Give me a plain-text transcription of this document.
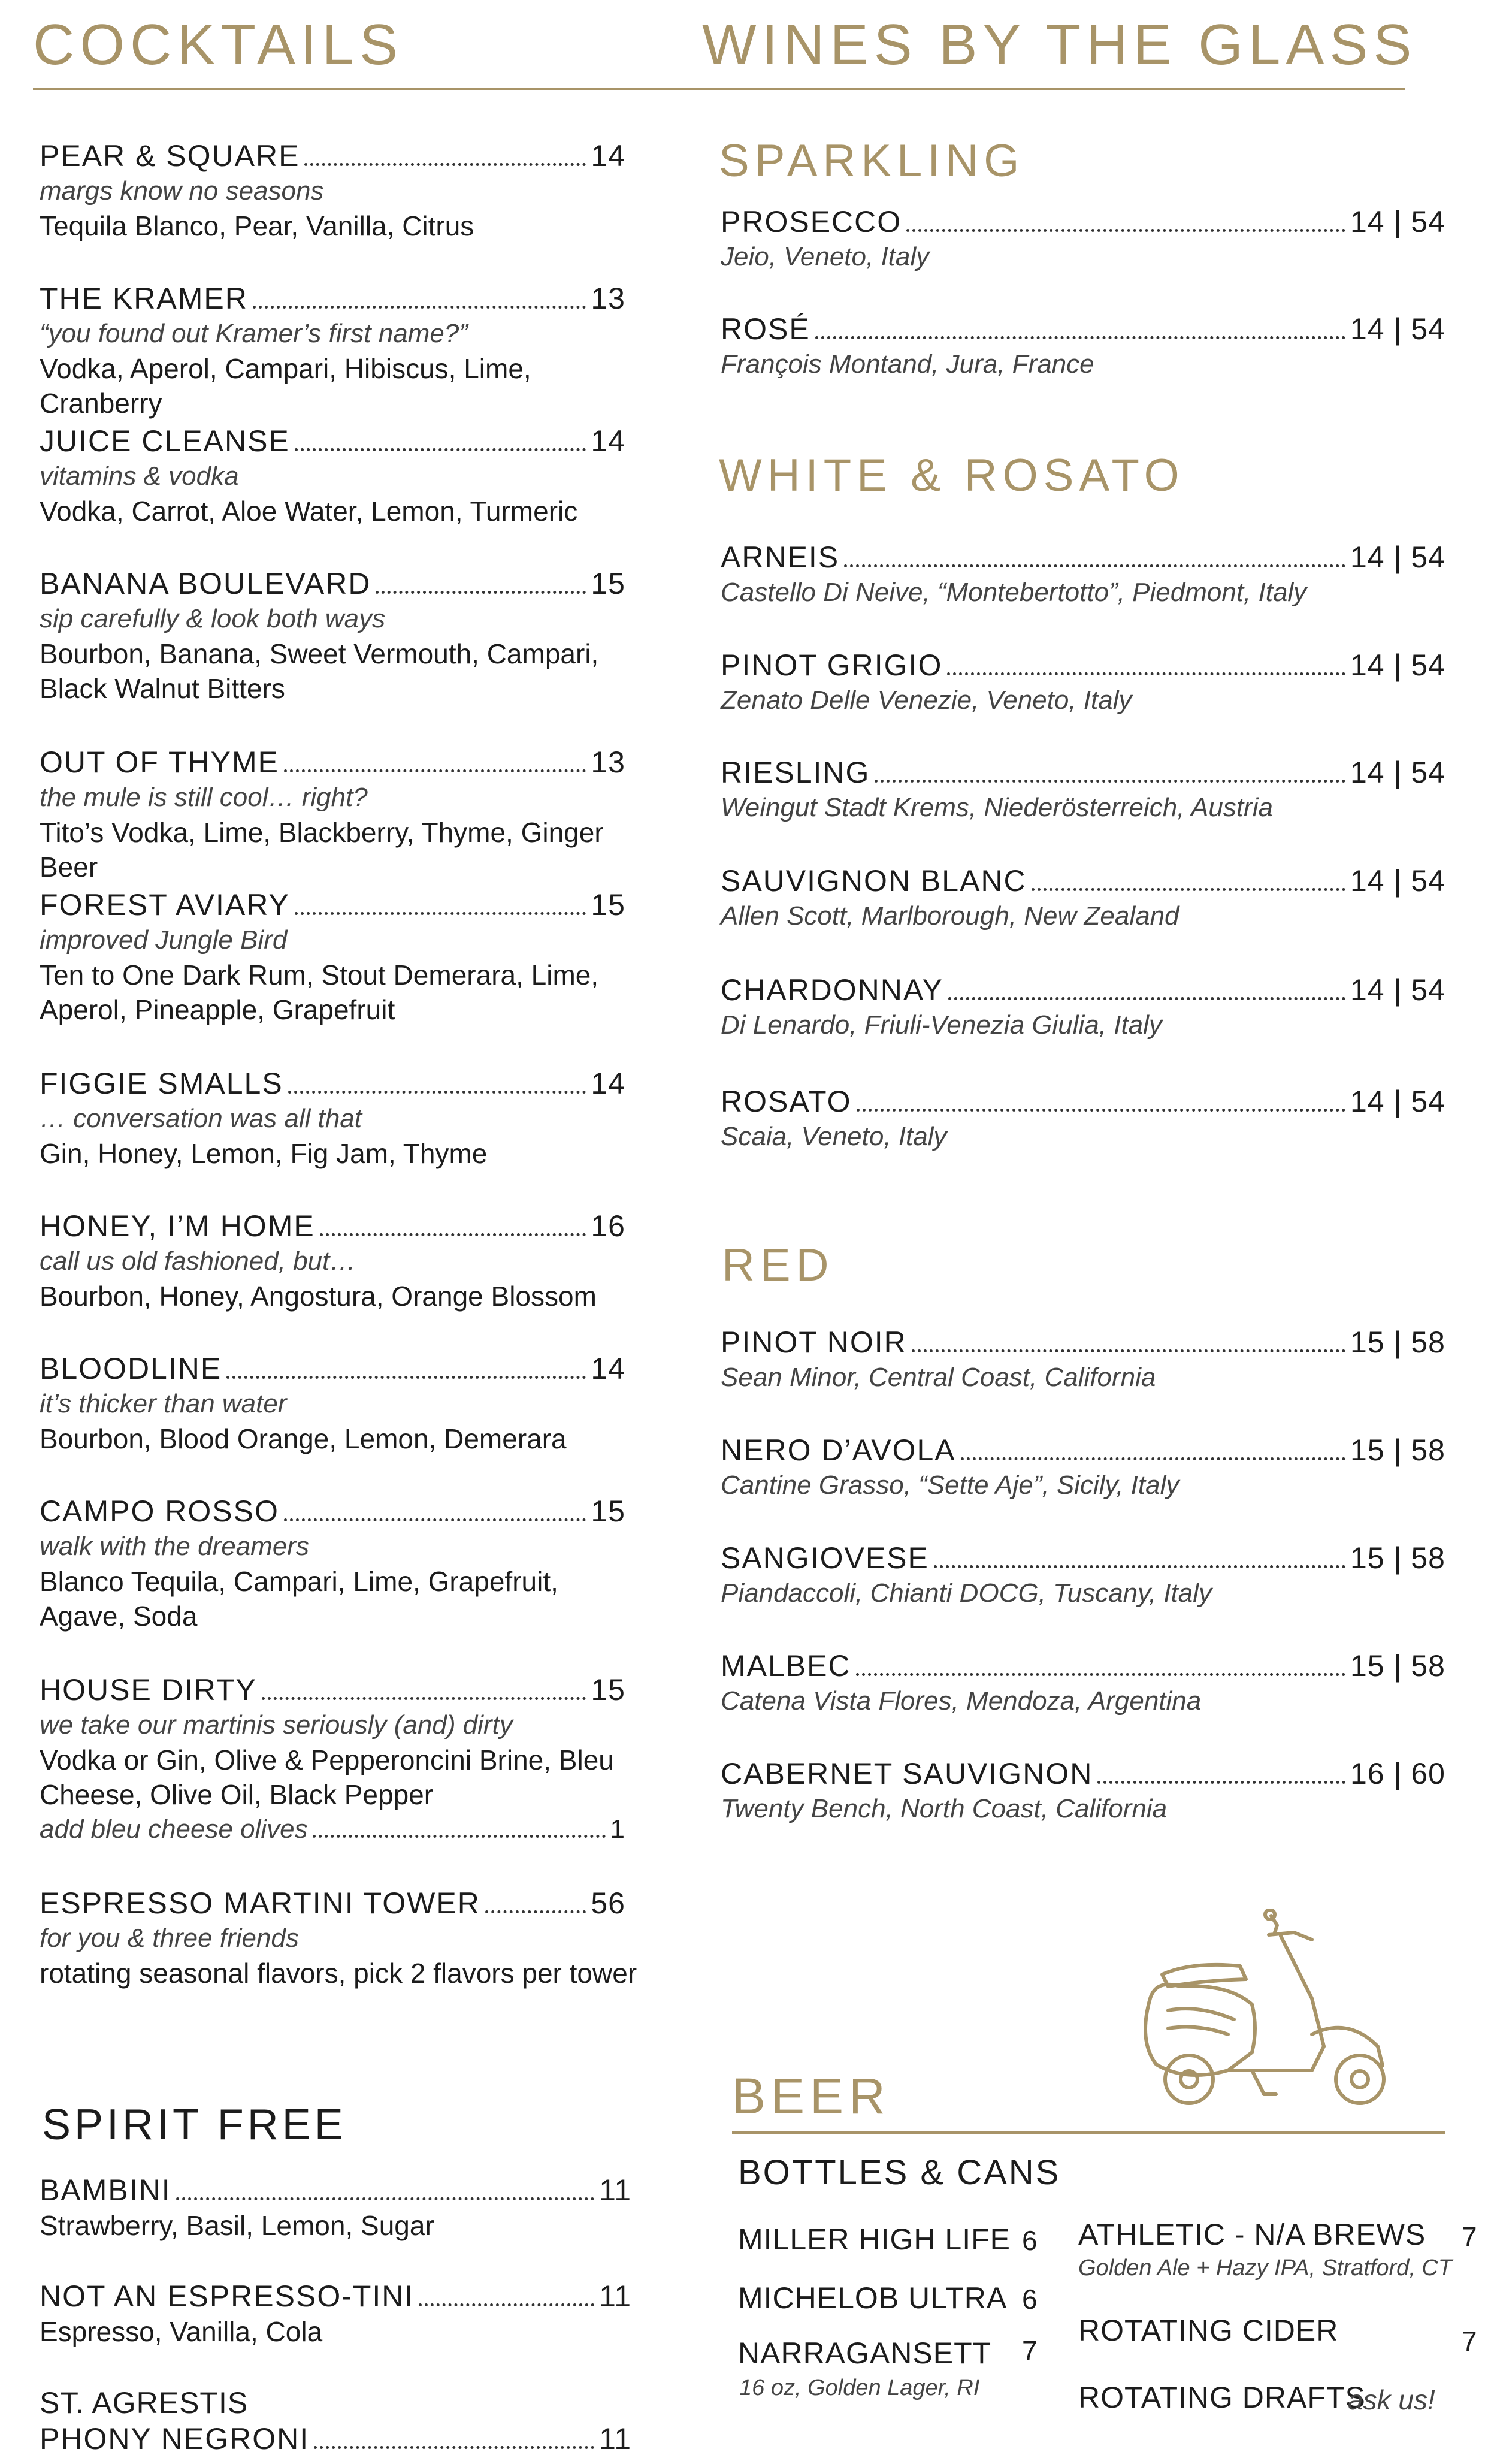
COCKTAILS	WINES BY THE GLASS
PEAR & SQUARE	14
margs know no seasons
Tequila Blanco, Pear, Vanilla, Citrus
THE KRAMER	13
“you found out Kramer’s first name?”
Vodka, Aperol, Campari, Hibiscus, Lime, Cranberry
JUICE CLEANSE	14
vitamins & vodka
Vodka, Carrot, Aloe Water, Lemon, Turmeric
BANANA BOULEVARD	15
sip carefully & look both ways
Bourbon, Banana, Sweet Vermouth, Campari, Black Walnut Bitters
OUT OF THYME	13
the mule is still cool… right?
Tito’s Vodka, Lime, Blackberry, Thyme, Ginger Beer
FOREST AVIARY	15
improved Jungle Bird
Ten to One Dark Rum, Stout Demerara, Lime, Aperol, Pineapple, Grapefruit
FIGGIE SMALLS	14
… conversation was all that
Gin, Honey, Lemon, Fig Jam, Thyme
HONEY, I’M HOME	16
call us old fashioned, but…
Bourbon, Honey, Angostura, Orange Blossom
BLOODLINE	14
it’s thicker than water
Bourbon, Blood Orange, Lemon, Demerara
CAMPO ROSSO	15
walk with the dreamers
Blanco Tequila, Campari, Lime, Grapefruit, Agave, Soda
HOUSE DIRTY	15
we take our martinis seriously (and) dirty
Vodka or Gin, Olive & Pepperoncini Brine, Bleu Cheese, Olive Oil, Black Pepper
add bleu cheese olives	1
ESPRESSO MARTINI TOWER	56
for you & three friends
rotating seasonal flavors, pick 2 flavors per tower
SPIRIT FREE
BAMBINI	11
Strawberry, Basil, Lemon, Sugar
NOT AN ESPRESSO-TINI	11
Espresso, Vanilla, Cola
ST. AGRESTIS
PHONY NEGRONI	11
SPARKLING
PROSECCO	14 | 54
Jeio, Veneto, Italy
ROSÉ	14 | 54
François Montand, Jura, France
WHITE & ROSATO
ARNEIS	14 | 54
Castello Di Neive, “Montebertotto”, Piedmont, Italy
PINOT GRIGIO	14 | 54
Zenato Delle Venezie, Veneto, Italy
RIESLING	14 | 54
Weingut Stadt Krems, Niederösterreich, Austria
SAUVIGNON BLANC	14 | 54
Allen Scott, Marlborough, New Zealand
CHARDONNAY	14 | 54
Di Lenardo, Friuli-Venezia Giulia, Italy
ROSATO	14 | 54
Scaia, Veneto, Italy
RED
PINOT NOIR	15 | 58
Sean Minor, Central Coast, California
NERO D’AVOLA	15 | 58
Cantine Grasso, “Sette Aje”, Sicily, Italy
SANGIOVESE	15 | 58
Piandaccoli, Chianti DOCG, Tuscany, Italy
MALBEC	15 | 58
Catena Vista Flores, Mendoza, Argentina
CABERNET SAUVIGNON	16 | 60
Twenty Bench, North Coast, California
BEER
BOTTLES & CANS
MILLER HIGH LIFE 6
MICHELOB ULTRA 6
NARRAGANSETT 7
16 oz, Golden Lager, RI
ATHLETIC - N/A BREWS 7
Golden Ale + Hazy IPA, Stratford, CT
ROTATING CIDER	7
ROTATING DRAFTS
ask us!
